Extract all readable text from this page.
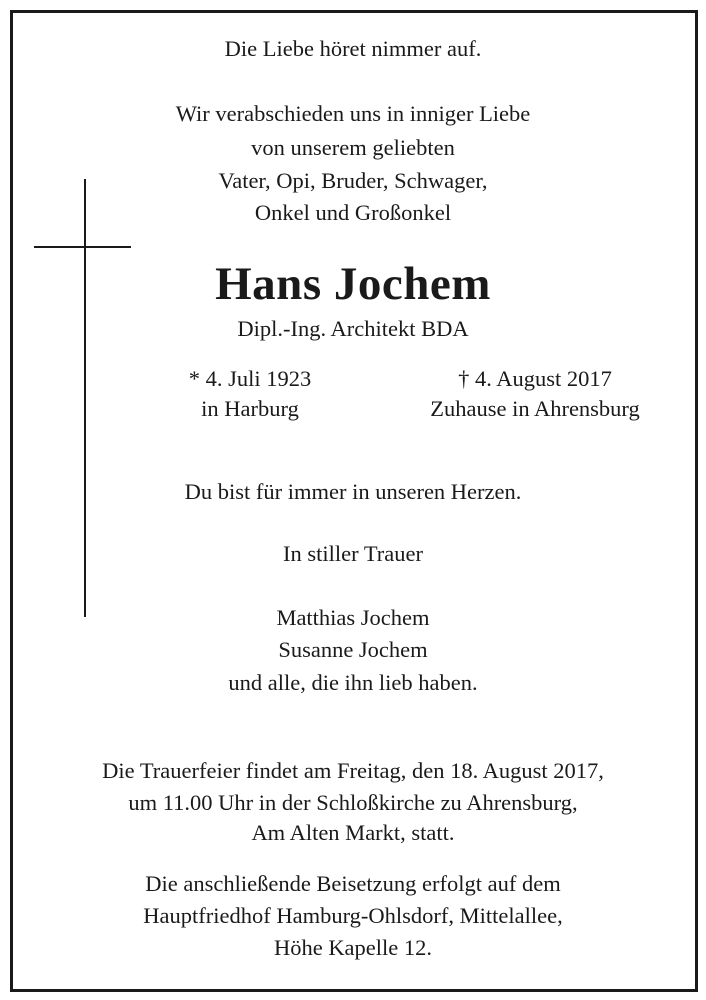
Die Liebe höret nimmer auf.
Wir verabschieden uns in inniger Liebe
von unserem geliebten
Vater, Opi, Bruder, Schwager,
Onkel und Großonkel
Hans Jochem
Dipl.-Ing. Architekt BDA
* 4. Juli 1923
in Harburg
† 4. August 2017
Zuhause in Ahrensburg
Du bist für immer in unseren Herzen.
In stiller Trauer
Matthias Jochem
Susanne Jochem
und alle, die ihn lieb haben.
Die Trauerfeier findet am Freitag, den 18. August 2017,
um 11.00 Uhr in der Schloßkirche zu Ahrensburg,
Am Alten Markt, statt.
Die anschließende Beisetzung erfolgt auf dem
Hauptfriedhof Hamburg-Ohlsdorf, Mittelallee,
Höhe Kapelle 12.
